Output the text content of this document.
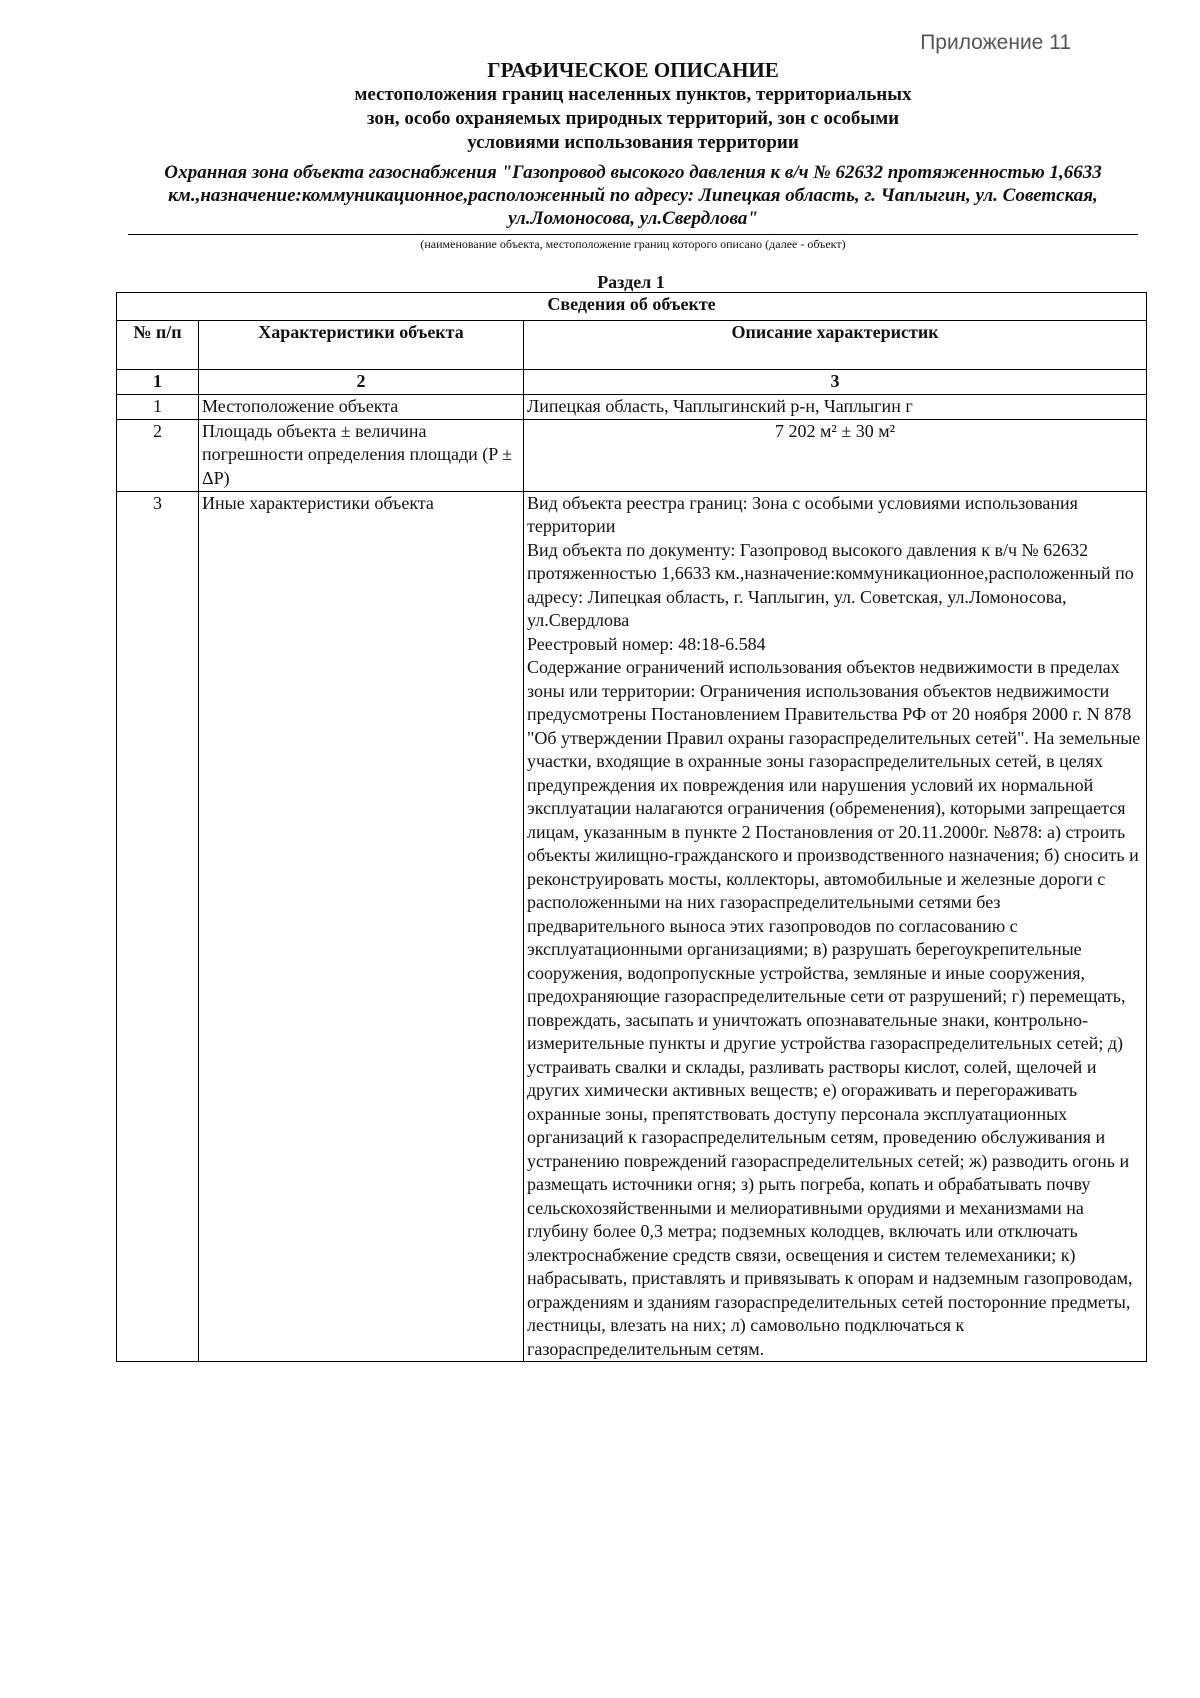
Приложение 11

ГРАФИЧЕСКОЕ ОПИСАНИЕ

местоположения границ населенных пунктов, территориальных

зон, особо охраняемых природных территорий, зон с особыми

условиями использования территории

Охранная зона объекта газоснабжения "Газопровод высокого давления к в/ч № 62632 протяженностью 1,6633
км.,назначение:коммуникационное,расположенный по адресу: Липецкая область, г. Чаплыгин, ул. Советская,
ул.Ломоносова, ул.Свердлова"
(наименование объекта, местоположение границ которого описано (далее - объект)
Раздел 1
Сведения об объекте		
№ п/п	Характеристики объекта	Описание характеристик
1	2	3
1	Местоположение объекта	Липецкая область, Чаплыгинский р-н, Чаплыгин г
2	Площадь объекта ± величина погрешности определения площади (P ± ΔP)	7 202 м² ± 30 м²
3	Иные характеристики объекта	Вид объекта реестра границ: Зона с особыми условиями использования территории
Вид объекта по документу: Газопровод высокого давления к в/ч № 62632 протяженностью 1,6633 км.,назначение:коммуникационное,расположенный по адресу: Липецкая область, г. Чаплыгин, ул. Советская, ул.Ломоносова, ул.Свердлова
Реестровый номер: 48:18-6.584
Содержание ограничений использования объектов недвижимости в пределах зоны или территории: Ограничения использования объектов недвижимости предусмотрены Постановлением Правительства РФ от 20 ноября 2000 г. N 878 "Об утверждении Правил охраны газораспределительных сетей". На земельные участки, входящие в охранные зоны газораспределительных сетей, в целях предупреждения их повреждения или нарушения условий их нормальной эксплуатации налагаются ограничения (обременения), которыми запрещается лицам, указанным в пункте 2 Постановления от 20.11.2000г. №878: а) строить объекты жилищно-гражданского и производственного назначения; б) сносить и реконструировать мосты, коллекторы, автомобильные и железные дороги с расположенными на них газораспределительными сетями без предварительного выноса этих газопроводов по согласованию с эксплуатационными организациями; в) разрушать берегоукрепительные сооружения, водопропускные устройства, земляные и иные сооружения, предохраняющие газораспределительные сети от разрушений; г) перемещать, повреждать, засыпать и уничтожать опознавательные знаки, контрольно-измерительные пункты и другие устройства газораспределительных сетей; д) устраивать свалки и склады, разливать растворы кислот, солей, щелочей и других химически активных веществ; е) огораживать и перегораживать охранные зоны, препятствовать доступу персонала эксплуатационных организаций к газораспределительным сетям, проведению обслуживания и устранению повреждений газораспределительных сетей; ж) разводить огонь и размещать источники огня; з) рыть погреба, копать и обрабатывать почву сельскохозяйственными и мелиоративными орудиями и механизмами на глубину более 0,3 метра; подземных колодцев, включать или отключать электроснабжение средств связи, освещения и систем телемеханики; к) набрасывать, приставлять и привязывать к опорам и надземным газопроводам, ограждениям и зданиям газораспределительных сетей посторонние предметы, лестницы, влезать на них; л) самовольно подключаться к газораспределительным сетям.
